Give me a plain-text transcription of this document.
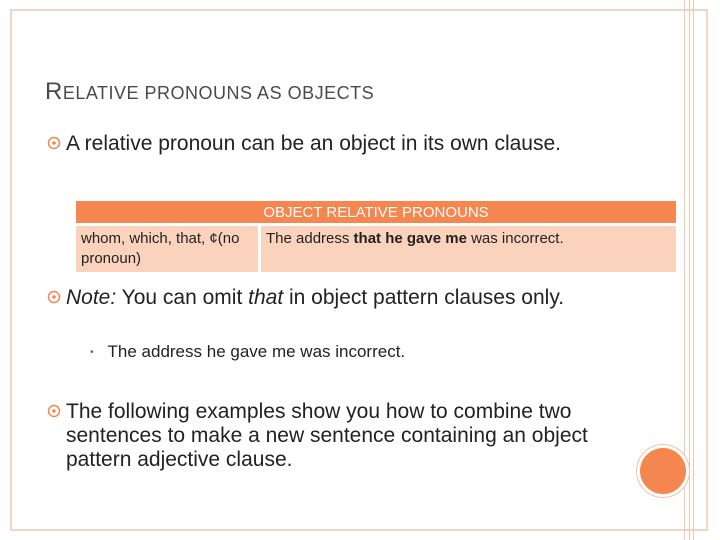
RELATIVE PRONOUNS AS OBJECTS
A relative pronoun can be an object in its own clause.
OBJECT RELATIVE PRONOUNS
whom, which, that, ¢(no pronoun)	The address that he gave me was incorrect.
Note: You can omit that in object pattern clauses only.
• The address he gave me was incorrect.
The following examples show you how to combine two sentences to make a new sentence containing an object pattern adjective clause.
